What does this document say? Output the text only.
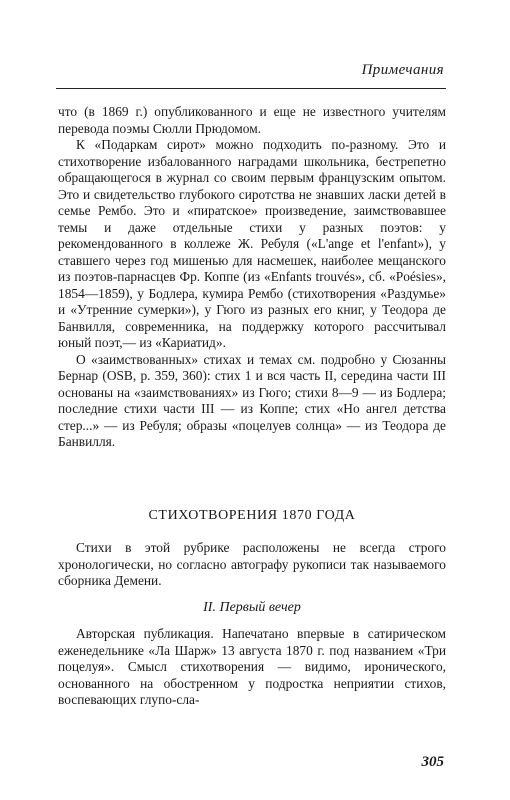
Примечания

что (в 1869 г.) опубликованного и еще не известного учителям перевода поэмы Сюлли Прюдомом.

К «Подаркам сирот» можно подходить по-разному. Это и стихотворение избалованного наградами школьника, бестрепетно обращающегося в журнал со своим первым французским опытом. Это и свидетельство глубокого сиротства не знавших ласки детей в семье Рембо. Это и «пиратское» произведение, заимствовавшее темы и даже отдельные стихи у разных поэтов: у рекомендованного в коллеже Ж. Ребуля («L'ange et l'enfant»), у ставшего через год мишенью для насмешек, наиболее мещанского из поэтов-парнасцев Фр. Коппе (из «Enfants trouvés», сб. «Poésies», 1854—1859), у Бодлера, кумира Рембо (стихотворения «Раздумье» и «Утренние сумерки»), у Гюго из разных его книг, у Теодора де Банвилля, современника, на поддержку которого рассчитывал юный поэт,— из «Кариатид».

О «заимствованных» стихах и темах см. подробно у Сюзанны Бернар (OSB, p. 359, 360): стих 1 и вся часть II, середина части III основаны на «заимствованиях» из Гюго; стихи 8—9 — из Бодлера; последние стихи части III — из Коппе; стих «Но ангел детства стер...» — из Ребуля; образы «поцелуев солнца» — из Теодора де Банвилля.

СТИХОТВОРЕНИЯ 1870 ГОДА

Стихи в этой рубрике расположены не всегда строго хронологически, но согласно автографу рукописи так называемого сборника Демени.

II. Первый вечер

Авторская публикация. Напечатано впервые в сатирическом еженедельнике «Ла Шарж» 13 августа 1870 г. под названием «Три поцелуя». Смысл стихотворения — видимо, иронического, основанного на обостренном у подростка неприятии стихов, воспевающих глупо-сла-

305
